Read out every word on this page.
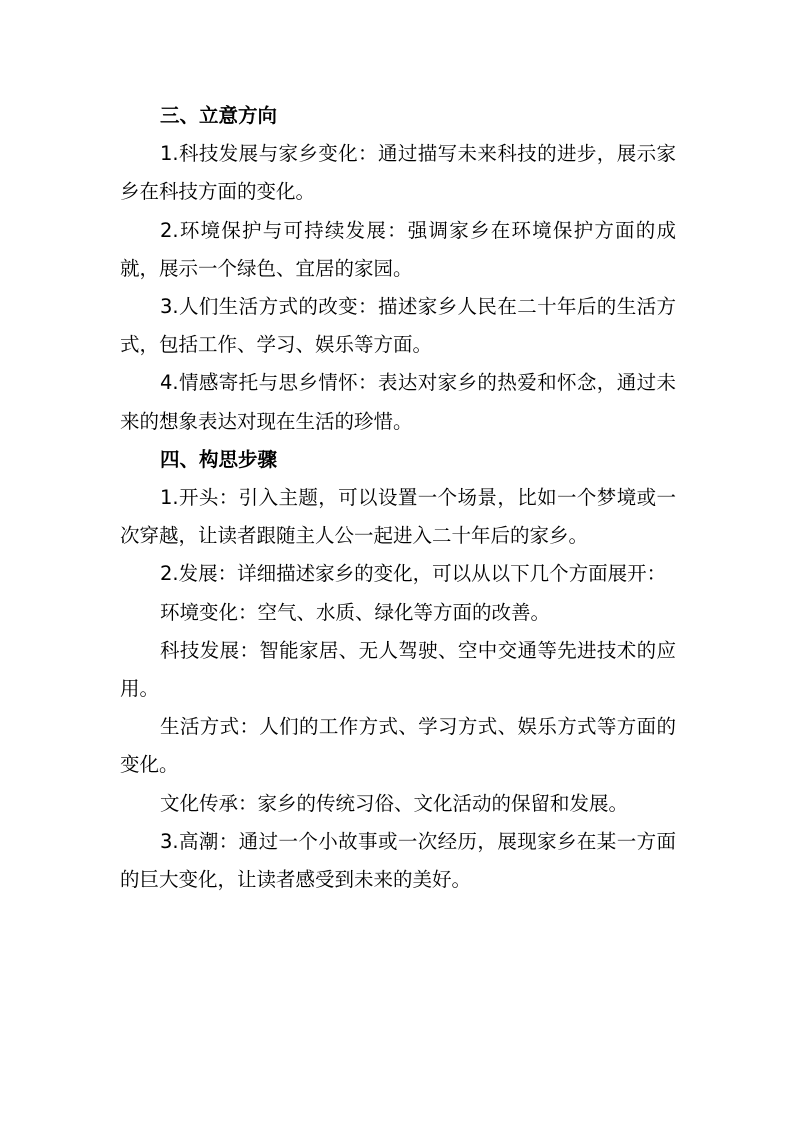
三、立意方向

1.科技发展与家乡变化：通过描写未来科技的进步，展示家乡在科技方面的变化。

2.环境保护与可持续发展：强调家乡在环境保护方面的成就，展示一个绿色、宜居的家园。

3.人们生活方式的改变：描述家乡人民在二十年后的生活方式，包括工作、学习、娱乐等方面。

4.情感寄托与思乡情怀：表达对家乡的热爱和怀念，通过未来的想象表达对现在生活的珍惜。

四、构思步骤

1.开头：引入主题，可以设置一个场景，比如一个梦境或一次穿越，让读者跟随主人公一起进入二十年后的家乡。

2.发展：详细描述家乡的变化，可以从以下几个方面展开：

环境变化：空气、水质、绿化等方面的改善。

科技发展：智能家居、无人驾驶、空中交通等先进技术的应用。

生活方式：人们的工作方式、学习方式、娱乐方式等方面的变化。

文化传承：家乡的传统习俗、文化活动的保留和发展。

3.高潮：通过一个小故事或一次经历，展现家乡在某一方面的巨大变化，让读者感受到未来的美好。
